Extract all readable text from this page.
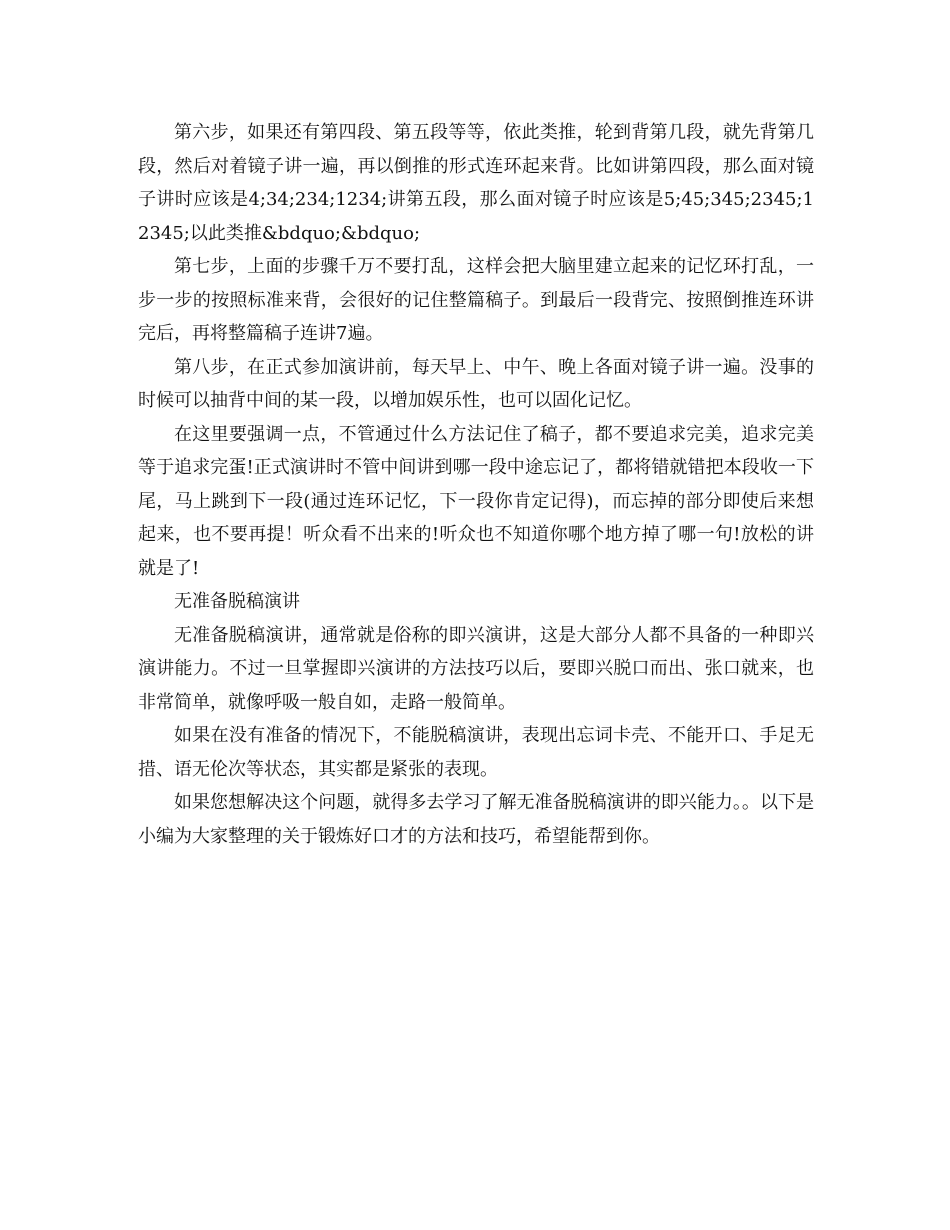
第六步，如果还有第四段、第五段等等，依此类推，轮到背第几段，就先背第几段，然后对着镜子讲一遍，再以倒推的形式连环起来背。比如讲第四段，那么面对镜子讲时应该是4;34;234;1234;讲第五段，那么面对镜子时应该是5;45;345;2345;12345;以此类推&bdquo;&bdquo;

第七步，上面的步骤千万不要打乱，这样会把大脑里建立起来的记忆环打乱，一步一步的按照标准来背，会很好的记住整篇稿子。到最后一段背完、按照倒推连环讲完后，再将整篇稿子连讲7遍。

第八步，在正式参加演讲前，每天早上、中午、晚上各面对镜子讲一遍。没事的时候可以抽背中间的某一段，以增加娱乐性，也可以固化记忆。

在这里要强调一点，不管通过什么方法记住了稿子，都不要追求完美，追求完美等于追求完蛋!正式演讲时不管中间讲到哪一段中途忘记了，都将错就错把本段收一下尾，马上跳到下一段(通过连环记忆，下一段你肯定记得)，而忘掉的部分即使后来想起来，也不要再提！听众看不出来的!听众也不知道你哪个地方掉了哪一句!放松的讲就是了!

无准备脱稿演讲

无准备脱稿演讲，通常就是俗称的即兴演讲，这是大部分人都不具备的一种即兴演讲能力。不过一旦掌握即兴演讲的方法技巧以后，要即兴脱口而出、张口就来，也非常简单，就像呼吸一般自如，走路一般简单。

如果在没有准备的情况下，不能脱稿演讲，表现出忘词卡壳、不能开口、手足无措、语无伦次等状态，其实都是紧张的表现。

如果您想解决这个问题，就得多去学习了解无准备脱稿演讲的即兴能力。。以下是小编为大家整理的关于锻炼好口才的方法和技巧，希望能帮到你。
